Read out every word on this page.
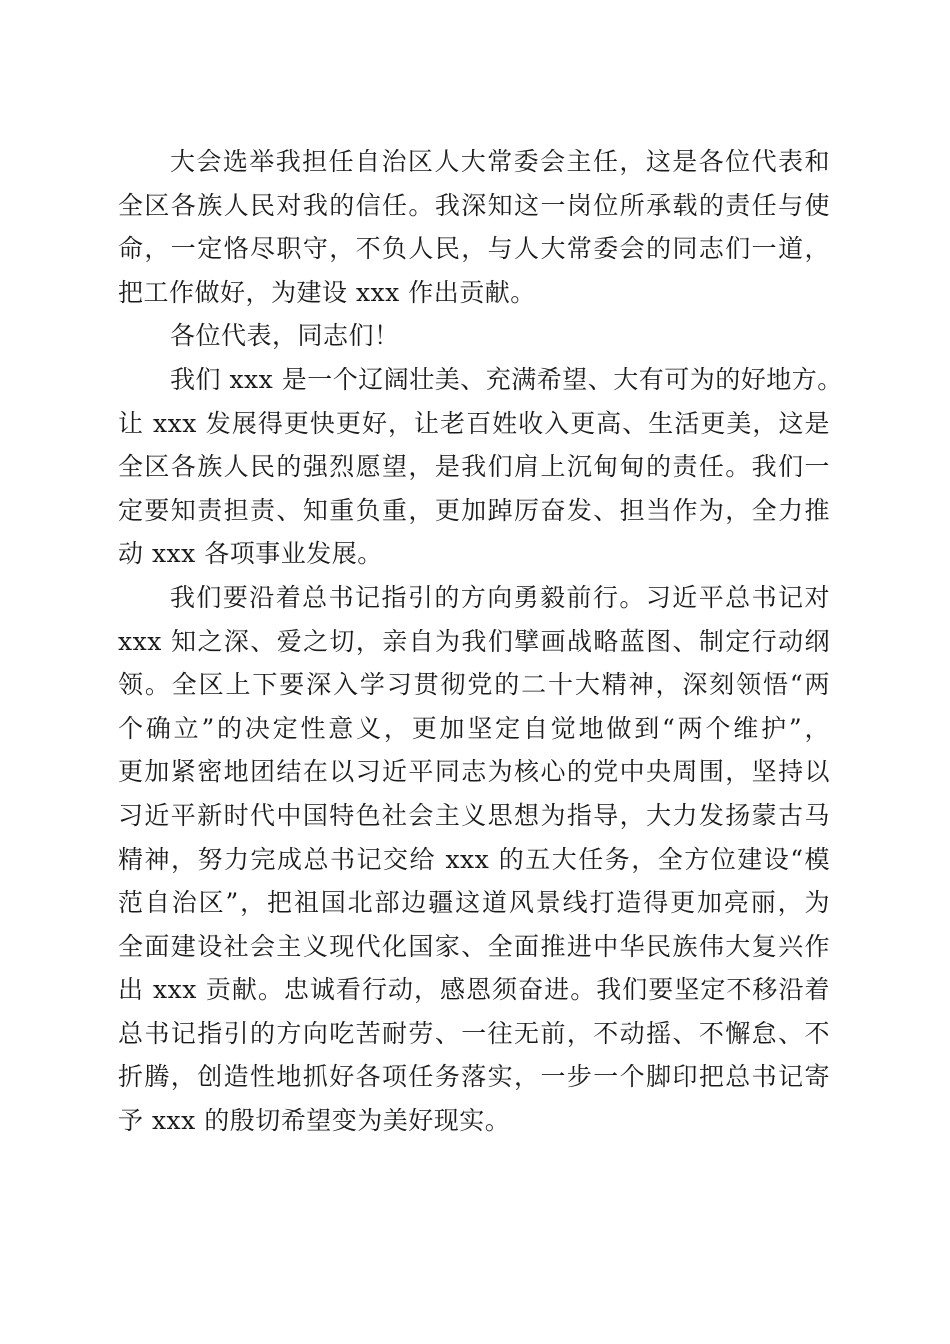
大会选举我担任自治区人大常委会主任，这是各位代表和
全区各族人民对我的信任。我深知这一岗位所承载的责任与使
命，一定恪尽职守，不负人民，与人大常委会的同志们一道，
把工作做好，为建设 xxx 作出贡献。
各位代表，同志们！
我们 xxx 是一个辽阔壮美、充满希望、大有可为的好地方。
让 xxx 发展得更快更好，让老百姓收入更高、生活更美，这是
全区各族人民的强烈愿望，是我们肩上沉甸甸的责任。我们一
定要知责担责、知重负重，更加踔厉奋发、担当作为，全力推
动 xxx 各项事业发展。
我们要沿着总书记指引的方向勇毅前行。习近平总书记对
xxx 知之深、爱之切，亲自为我们擘画战略蓝图、制定行动纲
领。全区上下要深入学习贯彻党的二十大精神，深刻领悟“两
个确立”的决定性意义，更加坚定自觉地做到“两个维护”，
更加紧密地团结在以习近平同志为核心的党中央周围，坚持以
习近平新时代中国特色社会主义思想为指导，大力发扬蒙古马
精神，努力完成总书记交给 xxx 的五大任务，全方位建设“模
范自治区”，把祖国北部边疆这道风景线打造得更加亮丽，为
全面建设社会主义现代化国家、全面推进中华民族伟大复兴作
出 xxx 贡献。忠诚看行动，感恩须奋进。我们要坚定不移沿着
总书记指引的方向吃苦耐劳、一往无前，不动摇、不懈怠、不
折腾，创造性地抓好各项任务落实，一步一个脚印把总书记寄
予 xxx 的殷切希望变为美好现实。
